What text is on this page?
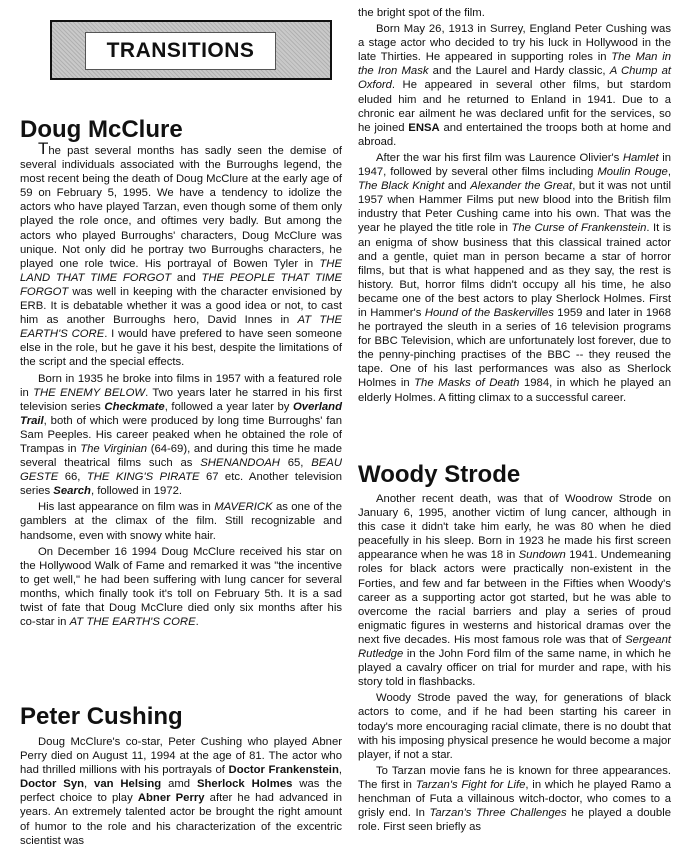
TRANSITIONS
Doug McClure

The past several months has sadly seen the demise of several individuals associated with the Burroughs legend, the most recent being the death of Doug McClure at the early age of 59 on February 5, 1995. We have a tendency to idolize the actors who have played Tarzan, even though some of them only played the role once, and oftimes very badly. But among the actors who played Burroughs' characters, Doug McClure was unique. Not only did he portray two Burroughs characters, he played one role twice. His portrayal of Bowen Tyler in THE LAND THAT TIME FORGOT and THE PEOPLE THAT TIME FORGOT was well in keeping with the character envisioned by ERB. It is debatable whether it was a good idea or not, to cast him as another Burroughs hero, David Innes in AT THE EARTH'S CORE. I would have prefered to have seen someone else in the role, but he gave it his best, despite the limitations of the script and the special effects.

Born in 1935 he broke into films in 1957 with a featured role in THE ENEMY BELOW. Two years later he starred in his first television series Checkmate, followed a year later by Overland Trail, both of which were produced by long time Burroughs' fan Sam Peeples. His career peaked when he obtained the role of Trampas in The Virginian (64-69), and during this time he made several theatrical films such as SHENANDOAH 65, BEAU GESTE 66, THE KING'S PIRATE 67 etc. Another television series Search, followed in 1972.

His last appearance on film was in MAVERICK as one of the gamblers at the climax of the film. Still recognizable and handsome, even with snowy white hair.

On December 16 1994 Doug McClure received his star on the Hollywood Walk of Fame and remarked it was "the incentive to get well," he had been suffering with lung cancer for several months, which finally took it's toll on February 5th. It is a sad twist of fate that Doug McClure died only six months after his co-star in AT THE EARTH'S CORE.

Peter Cushing

Doug McClure's co-star, Peter Cushing who played Abner Perry died on August 11, 1994 at the age of 81. The actor who had thrilled millions with his portrayals of Doctor Frankenstein, Doctor Syn, van Helsing amd Sherlock Holmes was the perfect choice to play Abner Perry after he had advanced in years. An extremely talented actor be brought the right amount of humor to the role and his characterization of the excentric scientist was

the bright spot of the film.

Born May 26, 1913 in Surrey, England Peter Cushing was a stage actor who decided to try his luck in Hollywood in the late Thirties. He appeared in supporting roles in The Man in the Iron Mask and the Laurel and Hardy classic, A Chump at Oxford. He appeared in several other films, but stardom eluded him and he returned to Enland in 1941. Due to a chronic ear ailment he was declared unfit for the services, so he joined ENSA and entertained the troops both at home and abroad.

After the war his first film was Laurence Olivier's Hamlet in 1947, followed by several other films including Moulin Rouge, The Black Knight and Alexander the Great, but it was not until 1957 when Hammer Films put new blood into the British film industry that Peter Cushing came into his own. That was the year he played the title role in The Curse of Frankenstein. It is an enigma of show business that this classical trained actor and a gentle, quiet man in person became a star of horror films, but that is what happened and as they say, the rest is history. But, horror films didn't occupy all his time, he also became one of the best actors to play Sherlock Holmes. First in Hammer's Hound of the Baskervilles 1959 and later in 1968 he portrayed the sleuth in a series of 16 television programs for BBC Television, which are unfortunately lost forever, due to the penny-pinching practises of the BBC -- they reused the tape. One of his last performances was also as Sherlock Holmes in The Masks of Death 1984, in which he played an elderly Holmes. A fitting climax to a successful career.

Woody Strode

Another recent death, was that of Woodrow Strode on January 6, 1995, another victim of lung cancer, although in this case it didn't take him early, he was 80 when he died peacefully in his sleep. Born in 1923 he made his first screen appearance when he was 18 in Sundown 1941. Undemeaning roles for black actors were practically non-existent in the Forties, and few and far between in the Fifties when Woody's career as a supporting actor got started, but he was able to overcome the racial barriers and play a series of proud enigmatic figures in westerns and historical dramas over the next five decades. His most famous role was that of Sergeant Rutledge in the John Ford film of the same name, in which he played a cavalry officer on trial for murder and rape, with his story told in flashbacks.

Woody Strode paved the way, for generations of black actors to come, and if he had been starting his career in today's more encouraging racial climate, there is no doubt that with his imposing physical presence he would become a major player, if not a star.

To Tarzan movie fans he is known for three appearances. The first in Tarzan's Fight for Life, in which he played Ramo a henchman of Futa a villainous witch-doctor, who comes to a grisly end. In Tarzan's Three Challenges he played a double role. First seen briefly as
